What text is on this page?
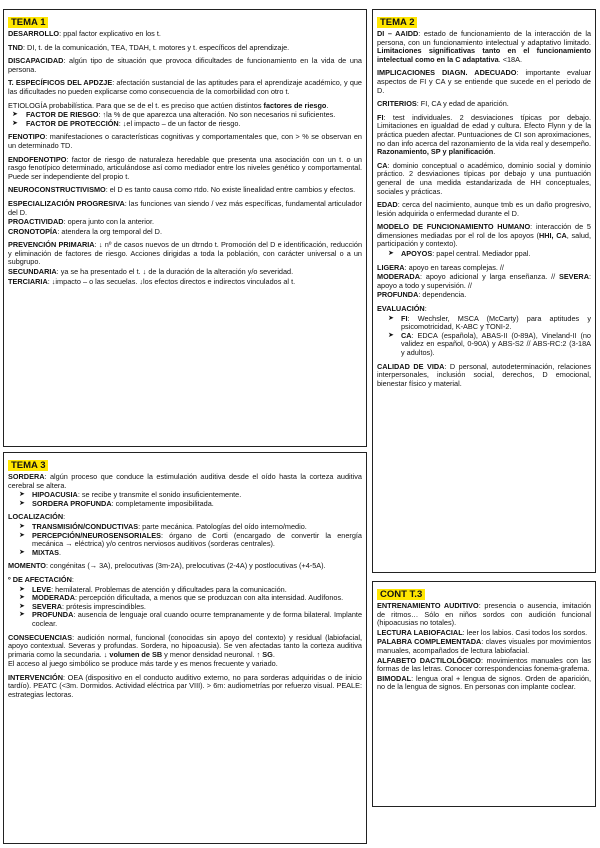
TEMA 1

DESARROLLO: ppal factor explicativo en los t.

TND: DI, t. de la comunicación, TEA, TDAH, t. motores y t. específicos del aprendizaje.

DISCAPACIDAD: algún tipo de situación que provoca dificultades de funcionamiento en la vida de una persona.

T. ESPECÍFICOS DEL APDZJE: afectación sustancial de las aptitudes para el aprendizaje académico, y que las dificultades no pueden explicarse como consecuencia de la comorbilidad con otro t.

ETIOLOGÍA probabilística. Para que se de el t. es preciso que actúen distintos factores de riesgo.

➤ FACTOR DE RIESGO: ↑la % de que aparezca una alteración. No son necesarios ni suficientes.
➤ FACTOR DE PROTECCIÓN: ↓el impacto – de un factor de riesgo.

FENOTIPO: manifestaciones o características cognitivas y comportamentales que, con > % se observan en un determinado TD.

ENDOFENOTIPO: factor de riesgo de naturaleza heredable que presenta una asociación con un t. o un rasgo fenotípico determinado, articulándose así como mediador entre los niveles genético y comportamental. Puede ser independiente del propio t.

NEUROCONSTRUCTIVISMO: el D es tanto causa como rtdo. No existe linealidad entre cambios y efectos.

ESPECIALIZACIÓN PROGRESIVA: las funciones van siendo / vez más específicas, fundamental articulador del D.

PROACTIVIDAD: opera junto con la anterior.

CRONOTOPÍA: atendera la org temporal del D.

PREVENCIÓN PRIMARIA: ↓ nº de casos nuevos de un dtrndo t. Promoción del D e identificación, reducción y eliminación de factores de riesgo. Acciones dirigidas a toda la población, con carácter universal o a un subgrupo.

SECUNDARIA: ya se ha presentado el t. ↓ de la duración de la alteración y/o severidad.

TERCIARIA: ↓impacto – o las secuelas. ↓los efectos directos e indirectos vinculados al t.

TEMA 3

SORDERA: algún proceso que conduce la estimulación auditiva desde el oído hasta la corteza auditiva cerebral se altera.

➤ HIPOACUSIA: se recibe y transmite el sonido insuficientemente.
➤ SORDERA PROFUNDA: completamente imposibilitada.

LOCALIZACIÓN:

➤ TRANSMISIÓN/CONDUCTIVAS: parte mecánica. Patologías del oído interno/medio.
➤ PERCEPCIÓN/NEUROSENSORIALES: órgano de Corti (encargado de convertir la energía mecánica → eléctrica) y/o centros nerviosos auditivos (sorderas centrales).
➤ MIXTAS.

MOMENTO: congénitas (→ 3A), prelocutivas (3m-2A), prelocutivas (2-4A) y postlocutivas (+4-5A).

º DE AFECTACIÓN:

➤ LEVE: hemilateral. Problemas de atención y dificultades para la comunicación.
➤ MODERADA: percepción dificultada, a menos que se produzcan con alta intensidad. Audífonos.
➤ SEVERA: prótesis imprescindibles.
➤ PROFUNDA: ausencia de lenguaje oral cuando ocurre tempranamente y de forma bilateral. Implante coclear.

CONSECUENCIAS: audición normal, funcional (conocidas sin apoyo del contexto) y residual (labiofacial, apoyo contextual. Severas y profundas. Sordera, no hipoacusia). Se ven afectadas tanto la corteza auditiva primaria como la secundaria. ↓ volumen de SB y menor densidad neuronal. ↑ SG.

El acceso al juego simbólico se produce más tarde y es menos frecuente y variado.

INTERVENCIÓN: OEA (dispositivo en el conducto auditivo externo, no para sorderas adquiridas o de inicio tardío). PEATC (<3m. Dormidos. Actividad eléctrica par VIII). > 6m: audiometrías por refuerzo visual. PEALE: estrategias lectoras.

TEMA 2

DI – AAIDD: estado de funcionamiento de la interacción de la persona, con un funcionamiento intelectual y adaptativo limitado. Limitaciones significativas tanto en el funcionamiento intelectual como en la C adaptativa. <18A.

IMPLICACIONES DIAGN. ADECUADO: importante evaluar aspectos de FI y CA y se entiende que sucede en el periodo de D.

CRITERIOS: FI, CA y edad de aparición.

FI: test individuales. 2 desviaciones típicas por debajo. Limitaciones en igualdad de edad y cultura. Efecto Flynn y de la práctica pueden afectar. Puntuaciones de CI son aproximaciones, no dan info acerca del razonamiento de la vida real y desempeño. Razonamiento, SP y planificación.

CA: dominio conceptual o académico, dominio social y dominio práctico. 2 desviaciones típicas por debajo y una puntuación general de una medida estandarizada de HH conceptuales, sociales y prácticas.

EDAD: cerca del nacimiento, aunque tmb es un daño progresivo, lesión adquirida o enfermedad durante el D.

MODELO DE FUNCIONAMIENTO HUMANO: interacción de 5 dimensiones mediadas por el rol de los apoyos (HHI, CA, salud, participación y contexto).

➤ APOYOS: papel central. Mediador ppal.

LIGERA: apoyo en tareas complejas. //

MODERADA: apoyo adicional y larga enseñanza. // SEVERA: apoyo a todo y supervisión. //

PROFUNDA: dependencia.

EVALUACIÓN:

➤ FI: Wechsler, MSCA (McCarty) para aptitudes y psicomotricidad, K-ABC y TONI-2.
➤ CA: EDCA (española), ABAS-II (0-89A), Vineland-II (no validez en español, 0-90A) y ABS-S2 // ABS-RC:2 (3-18A y adultos).

CALIDAD DE VIDA: D personal, autodeterminación, relaciones interpersonales, inclusión social, derechos, D emocional, bienestar físico y material.

CONT T.3

ENTRENAMIENTO AUDITIVO: presencia o ausencia, imitación de ritmos… Sólo en niños sordos con audición funcional (hipoacusias no totales).

LECTURA LABIOFACIAL: leer los labios. Casi todos los sordos.

PALABRA COMPLEMENTADA: claves visuales por movimientos manuales, acompañados de lectura labiofacial.

ALFABETO DACTILOLÓGICO: movimientos manuales con las formas de las letras. Conocer correspondencias fonema-grafema.

BIMODAL: lengua oral + lengua de signos. Orden de aparición, no de la lengua de signos. En personas con implante coclear.
